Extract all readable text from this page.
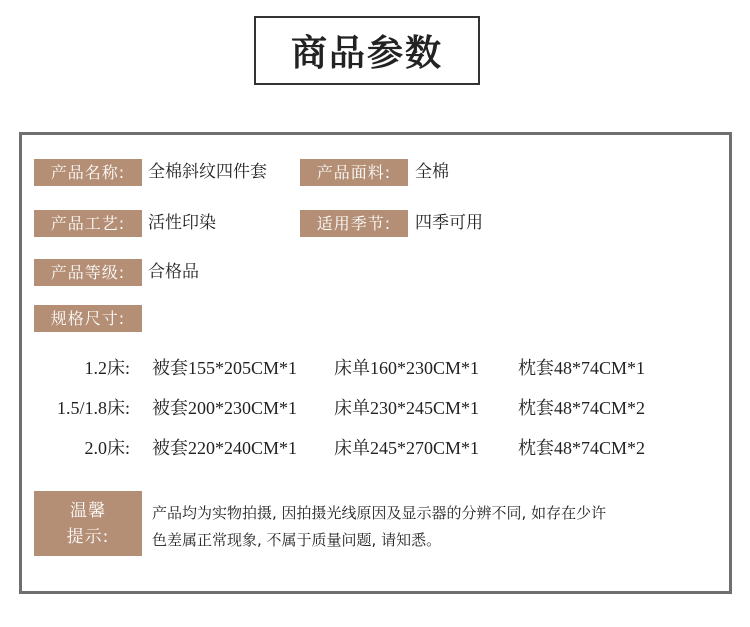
商品参数
产品名称:	全棉斜纹四件套	产品面料:	全棉
产品工艺:	活性印染	适用季节:	四季可用
产品等级:	合格品
规格尺寸:
1.2床: 被套155*205CM*1 床单160*230CM*1 枕套48*74CM*1
1.5/1.8床: 被套200*230CM*1 床单230*245CM*1 枕套48*74CM*2
2.0床: 被套220*240CM*1 床单245*270CM*1 枕套48*74CM*2
温馨
提示:
产品均为实物拍摄, 因拍摄光线原因及显示器的分辨不同, 如存在少许
色差属正常现象, 不属于质量问题, 请知悉。
